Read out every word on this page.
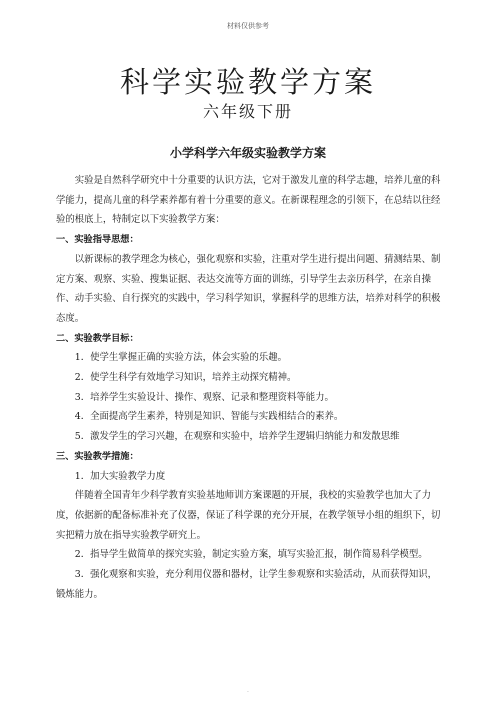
材料仅供参考
科学实验教学方案
六年级下册
小学科学六年级实验教学方案

实验是自然科学研究中十分重要的认识方法，它对于激发儿童的科学志趣，培养儿童的科学能力，提高儿童的科学素养都有着十分重要的意义。在新课程理念的引领下，在总结以往经验的根底上，特制定以下实验教学方案：

一、实验指导思想：

以新课标的教学理念为核心，强化观察和实验，注重对学生进行提出问题、猜测结果、制定方案、观察、实验、搜集证据、表达交流等方面的训练，引导学生去亲历科学，在亲自操作、动手实验、自行探究的实践中，学习科学知识，掌握科学的思维方法，培养对科学的积极态度。

二、实验教学目标：

1．使学生掌握正确的实验方法，体会实验的乐趣。

2．使学生科学有效地学习知识，培养主动探究精神。

3．培养学生实验设计、操作、观察、记录和整理资料等能力。

4．全面提高学生素养，特别是知识、智能与实践相结合的素养。

5．激发学生的学习兴趣，在观察和实验中，培养学生逻辑归纳能力和发散思维

三、实验教学措施：

1．加大实验教学力度

伴随着全国青年少科学教育实验基地师训方案课题的开展，我校的实验教学也加大了力度，依据新的配备标准补充了仪器，保证了科学课的充分开展，在教学领导小组的组织下，切实把精力放在指导实验教学研究上。

2．指导学生做简单的探究实验，制定实验方案，填写实验汇报，制作简易科学模型。

3．强化观察和实验，充分利用仪器和器材，让学生参观察和实验活动，从而获得知识，锻炼能力。

.
